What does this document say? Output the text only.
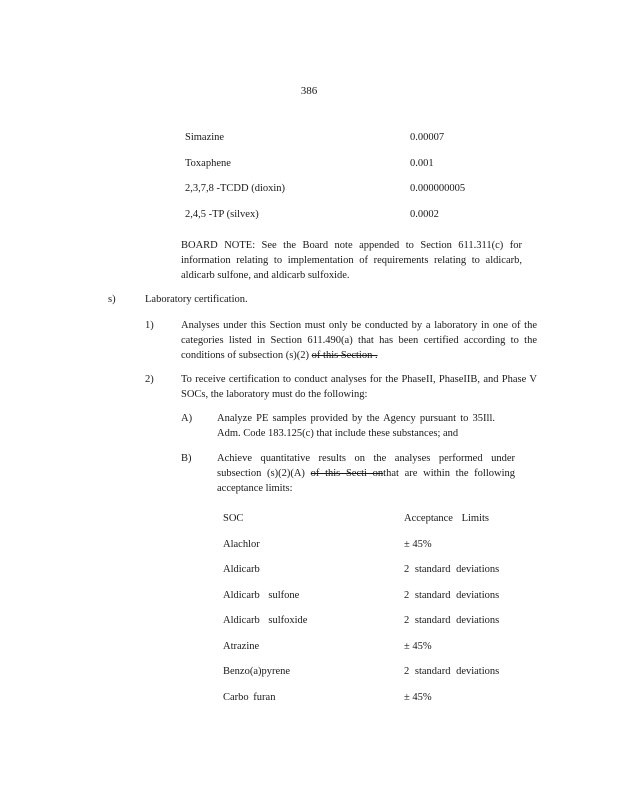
386
Simazine	0.00007
Toxaphene	0.001
2,3,7,8 -TCDD (dioxin)	0.000000005
2,4,5 -TP (silvex)	0.0002
BOARD NOTE: See the Board note appended to Section 611.311(c) for information relating to implementation of requirements relating to aldicarb, aldicarb sulfone, and aldicarb sulfoxide.
s)	Laboratory certification.
1)	Analyses under this Section must only be conducted by a laboratory in one of the categories listed in Section 611.490(a) that has been certified according to the conditions of subsection (s)(2) of this Section .
2)	To receive certification to conduct analyses for the PhaseII, PhaseIIB, and Phase V SOCs, the laboratory must do the following:
A) Analyze PE samples provided by the Agency pursuant to 35Ill. Adm. Code 183.125(c) that include these substances; and
B) Achieve quantitative results on the analyses performed under subsection (s)(2)(A) of this Secti onthat are within the following acceptance limits:
SOC	Acceptance Limits
Alachlor	± 45%
Aldicarb	2 standard deviations
Aldicarb sulfone	2 standard deviations
Aldicarb sulfoxide	2 standard deviations
Atrazine	± 45%
Benzo(a)pyrene	2 standard deviations
Carbo furan	± 45%
